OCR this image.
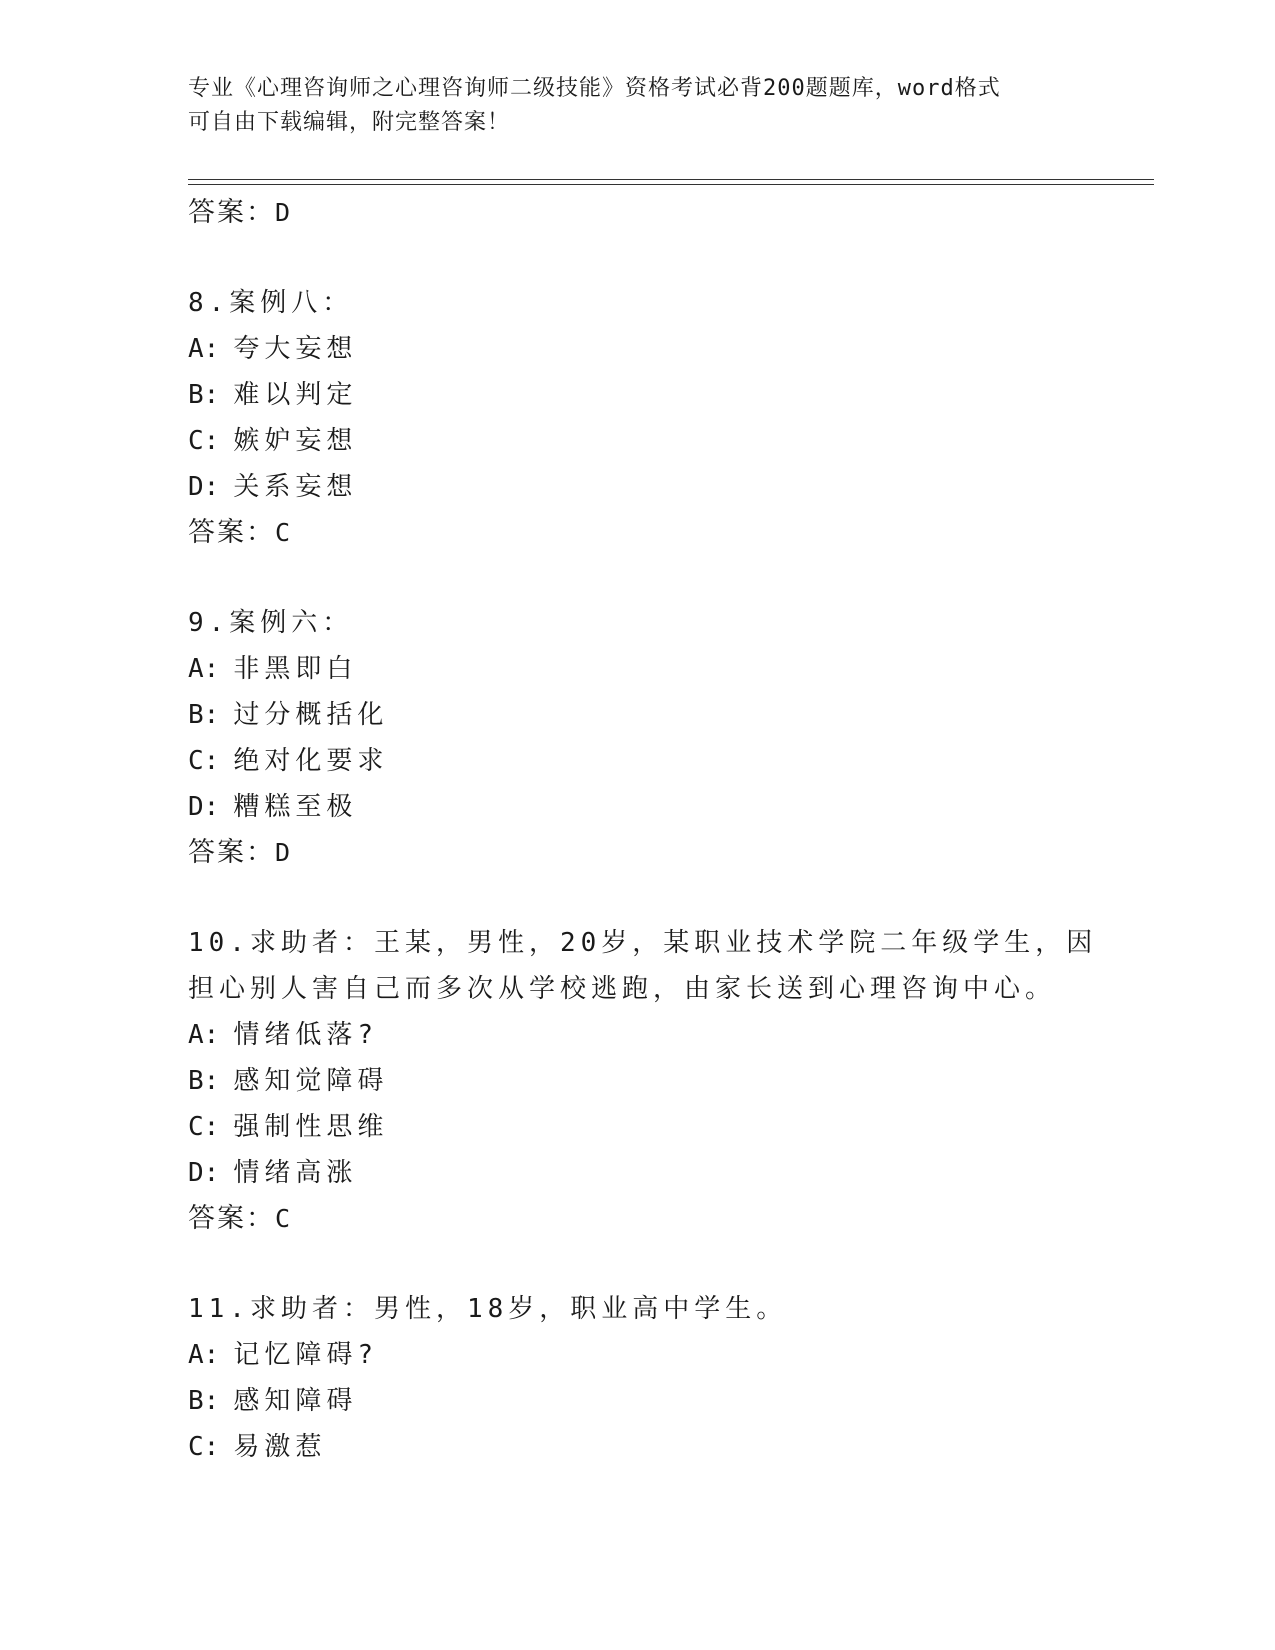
专业《心理咨询师之心理咨询师二级技能》资格考试必背200题题库，word格式
可自由下载编辑，附完整答案！
答案：D
8.案例八：
A: 夸大妄想
B: 难以判定
C: 嫉妒妄想
D: 关系妄想
答案：C
9.案例六：
A: 非黑即白
B: 过分概括化
C: 绝对化要求
D: 糟糕至极
答案：D
10.求助者：王某，男性，20岁，某职业技术学院二年级学生，因担心别人害自己而多次从学校逃跑，由家长送到心理咨询中心。
A: 情绪低落?
B: 感知觉障碍
C: 强制性思维
D: 情绪高涨
答案：C
11.求助者：男性，18岁，职业高中学生。
A: 记忆障碍?
B: 感知障碍
C: 易激惹
